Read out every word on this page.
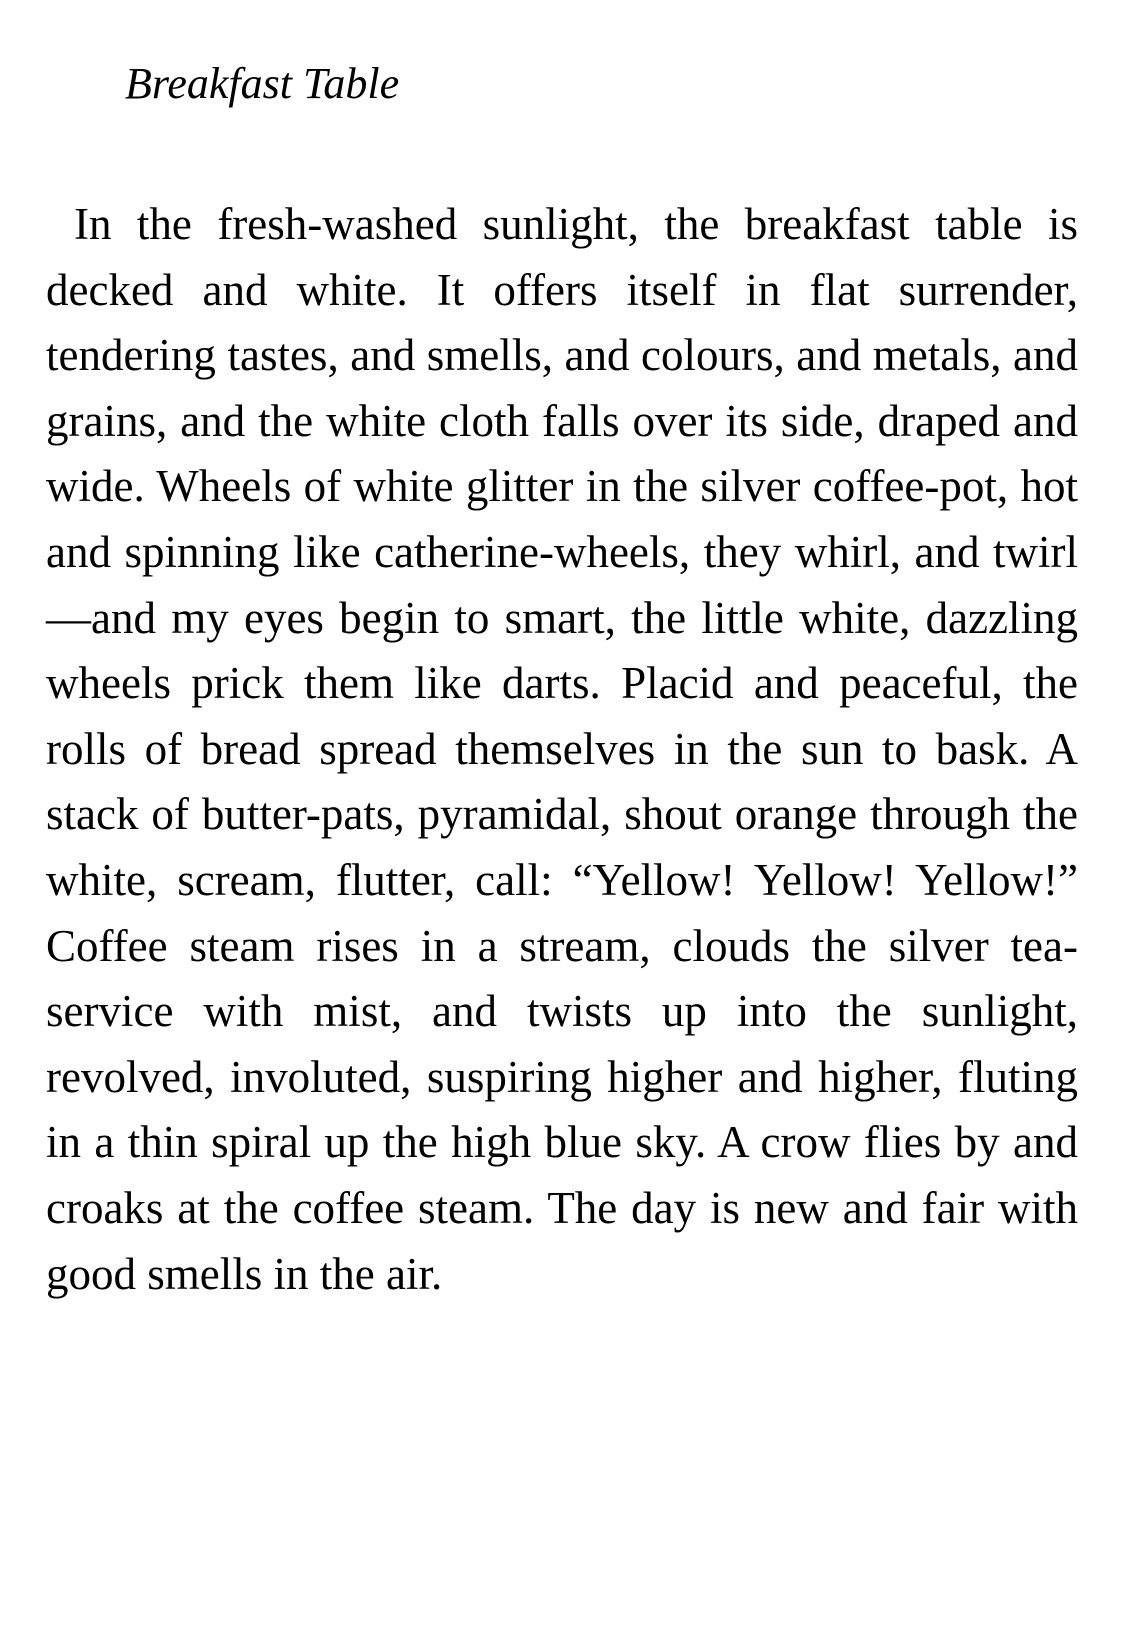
Breakfast Table

In the fresh-washed sunlight, the breakfast table is decked and white. It offers itself in flat surrender, tendering tastes, and smells, and colours, and metals, and grains, and the white cloth falls over its side, draped and wide. Wheels of white glitter in the silver coffee-pot, hot and spinning like catherine-wheels, they whirl, and twirl—and my eyes begin to smart, the little white, dazzling wheels prick them like darts. Placid and peaceful, the rolls of bread spread themselves in the sun to bask. A stack of butter-pats, pyramidal, shout orange through the white, scream, flutter, call: “Yellow! Yellow! Yellow!” Coffee steam rises in a stream, clouds the silver tea-service with mist, and twists up into the sunlight, revolved, involuted, suspiring higher and higher, fluting in a thin spiral up the high blue sky. A crow flies by and croaks at the coffee steam. The day is new and fair with good smells in the air.
